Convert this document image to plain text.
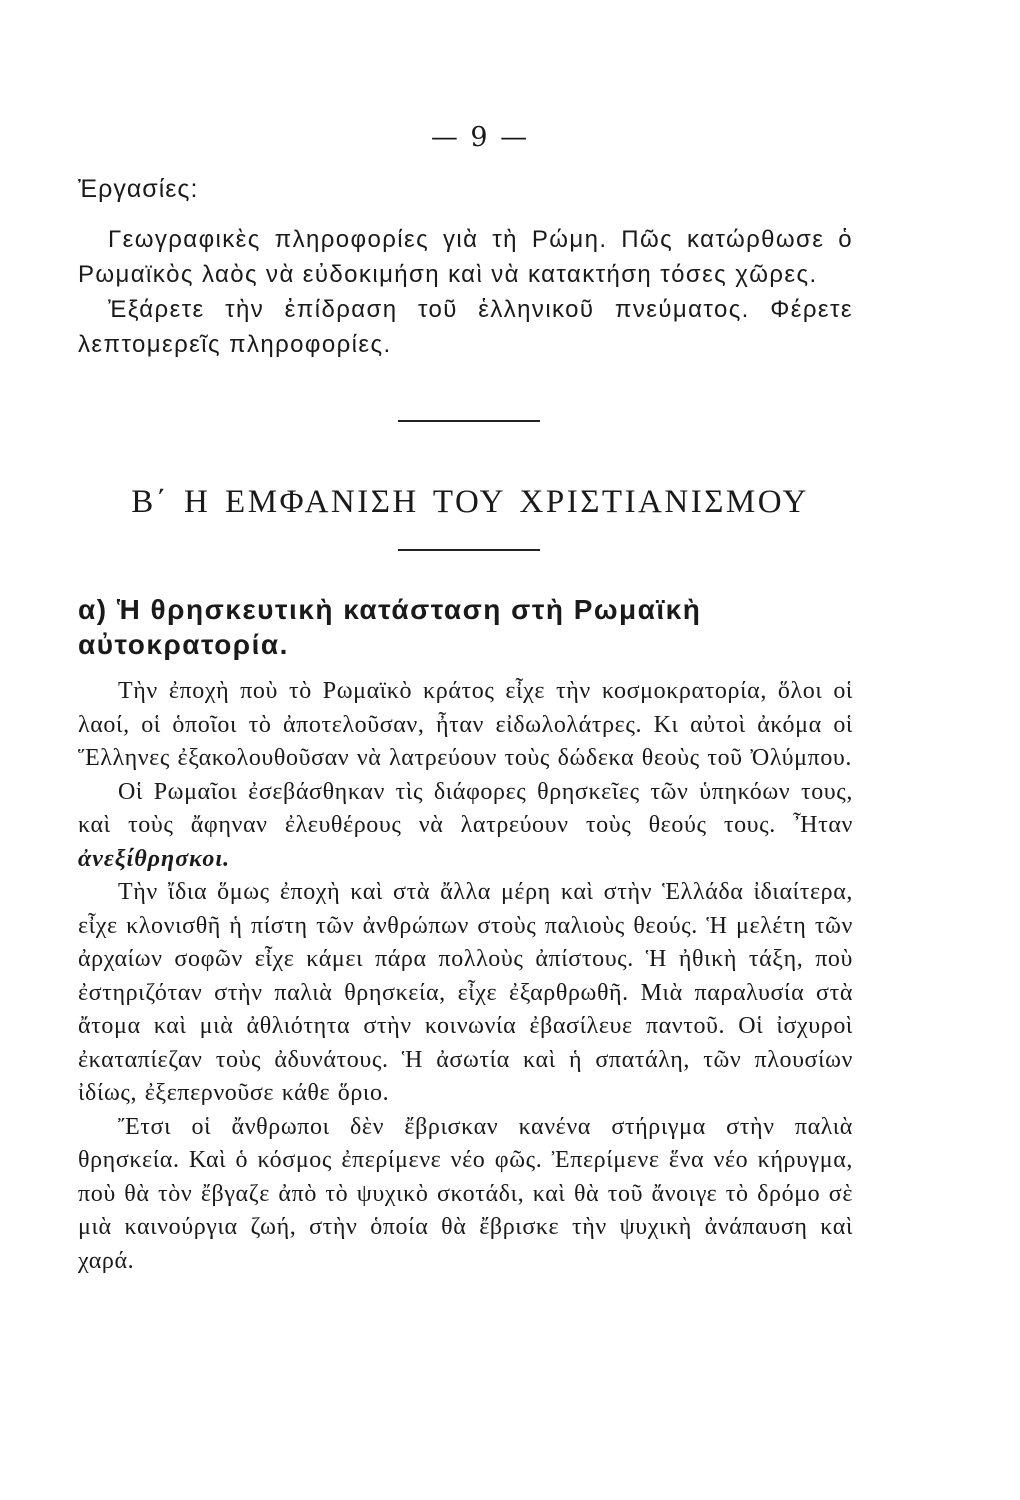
— 9 —
Ἐργασίες:

Γεωγραφικὲς πληροφορίες γιὰ τὴ Ρώμη. Πῶς κατώρθωσε ὁ Ρωμαϊκὸς λαὸς νὰ εὐδοκιμήση καὶ νὰ κατακτήση τόσες χῶρες.

Ἐξάρετε τὴν ἐπίδραση τοῦ ἑλληνικοῦ πνεύματος. Φέρετε λεπτομερεῖς πληροφορίες.

Β΄ Η ΕΜΦΑΝΙΣΗ ΤΟΥ ΧΡΙΣΤΙΑΝΙΣΜΟΥ
α) Ἡ θρησκευτικὴ κατάσταση στὴ Ρωμαϊκὴ αὐτοκρατορία.

Τὴν ἐποχὴ ποὺ τὸ Ρωμαϊκὸ κράτος εἶχε τὴν κοσμοκρατορία, ὅλοι οἱ λαοί, οἱ ὁποῖοι τὸ ἀποτελοῦσαν, ἦταν εἰδωλολάτρες. Κι αὐτοὶ ἀκόμα οἱ Ἕλληνες ἐξακολουθοῦσαν νὰ λατρεύουν τοὺς δώδεκα θεοὺς τοῦ Ὀλύμπου.

Οἱ Ρωμαῖοι ἐσεβάσθηκαν τὶς διάφορες θρησκεῖες τῶν ὑπηκόων τους, καὶ τοὺς ἄφηναν ἐλευθέρους νὰ λατρεύουν τοὺς θεούς τους. Ἦταν ἀνεξίθρησκοι.

Τὴν ἴδια ὅμως ἐποχὴ καὶ στὰ ἄλλα μέρη καὶ στὴν Ἑλλάδα ἰδιαίτερα, εἶχε κλονισθῆ ἡ πίστη τῶν ἀνθρώπων στοὺς παλιοὺς θεούς. Ἡ μελέτη τῶν ἀρχαίων σοφῶν εἶχε κάμει πάρα πολλοὺς ἀπίστους. Ἡ ἠθικὴ τάξη, ποὺ ἐστηριζόταν στὴν παλιὰ θρησκεία, εἶχε ἐξαρθρωθῆ. Μιὰ παραλυσία στὰ ἄτομα καὶ μιὰ ἀθλιότητα στὴν κοινωνία ἐβασίλευε παντοῦ. Οἱ ἰσχυροὶ ἐκαταπίεζαν τοὺς ἀδυνάτους. Ἡ ἀσωτία καὶ ἡ σπατάλη, τῶν πλουσίων ἰδίως, ἐξεπερνοῦσε κάθε ὅριο.

Ἔτσι οἱ ἄνθρωποι δὲν ἔβρισκαν κανένα στήριγμα στὴν παλιὰ θρησκεία. Καὶ ὁ κόσμος ἐπερίμενε νέο φῶς. Ἐπερίμενε ἕνα νέο κήρυγμα, ποὺ θὰ τὸν ἔβγαζε ἀπὸ τὸ ψυχικὸ σκοτάδι, καὶ θὰ τοῦ ἄνοιγε τὸ δρόμο σὲ μιὰ καινούργια ζωή, στὴν ὁποία θὰ ἔβρισκε τὴν ψυχικὴ ἀνάπαυση καὶ χαρά.
